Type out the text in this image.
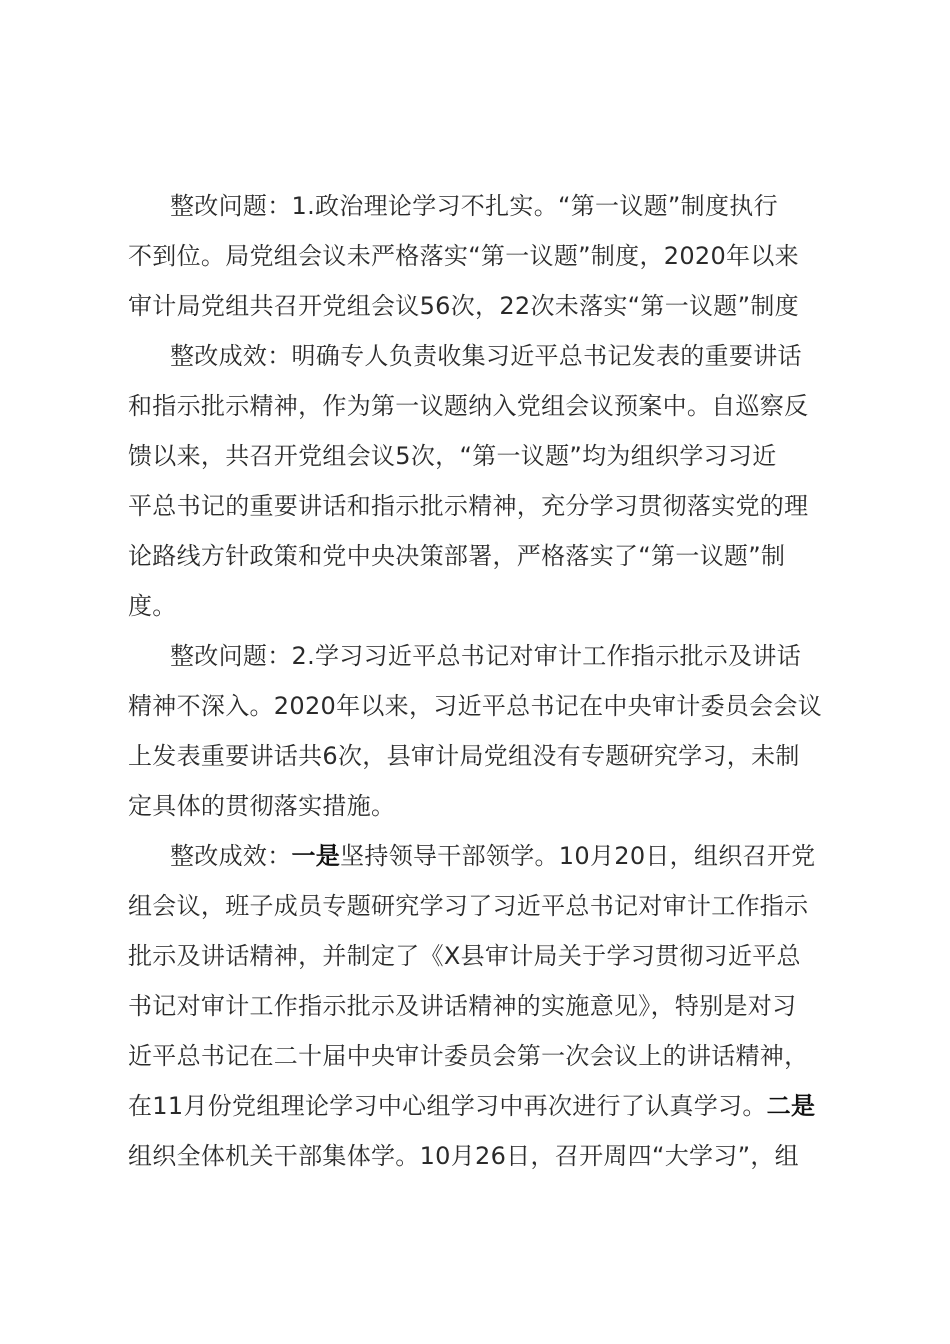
整改问题：1.政治理论学习不扎实。“第一议题”制度执行
不到位。局党组会议未严格落实“第一议题”制度，2020年以来
审计局党组共召开党组会议56次，22次未落实“第一议题”制度
整改成效：明确专人负责收集习近平总书记发表的重要讲话
和指示批示精神，作为第一议题纳入党组会议预案中。自巡察反
馈以来，共召开党组会议5次，“第一议题”均为组织学习习近
平总书记的重要讲话和指示批示精神，充分学习贯彻落实党的理
论路线方针政策和党中央决策部署，严格落实了“第一议题”制
度。
整改问题：2.学习习近平总书记对审计工作指示批示及讲话
精神不深入。2020年以来，习近平总书记在中央审计委员会会议
上发表重要讲话共6次，县审计局党组没有专题研究学习，未制
定具体的贯彻落实措施。
整改成效：一是坚持领导干部领学。10月20日，组织召开党
组会议，班子成员专题研究学习了习近平总书记对审计工作指示
批示及讲话精神，并制定了《X县审计局关于学习贯彻习近平总
书记对审计工作指示批示及讲话精神的实施意见》，特别是对习
近平总书记在二十届中央审计委员会第一次会议上的讲话精神，
在11月份党组理论学习中心组学习中再次进行了认真学习。二是
组织全体机关干部集体学。10月26日，召开周四“大学习”，组
